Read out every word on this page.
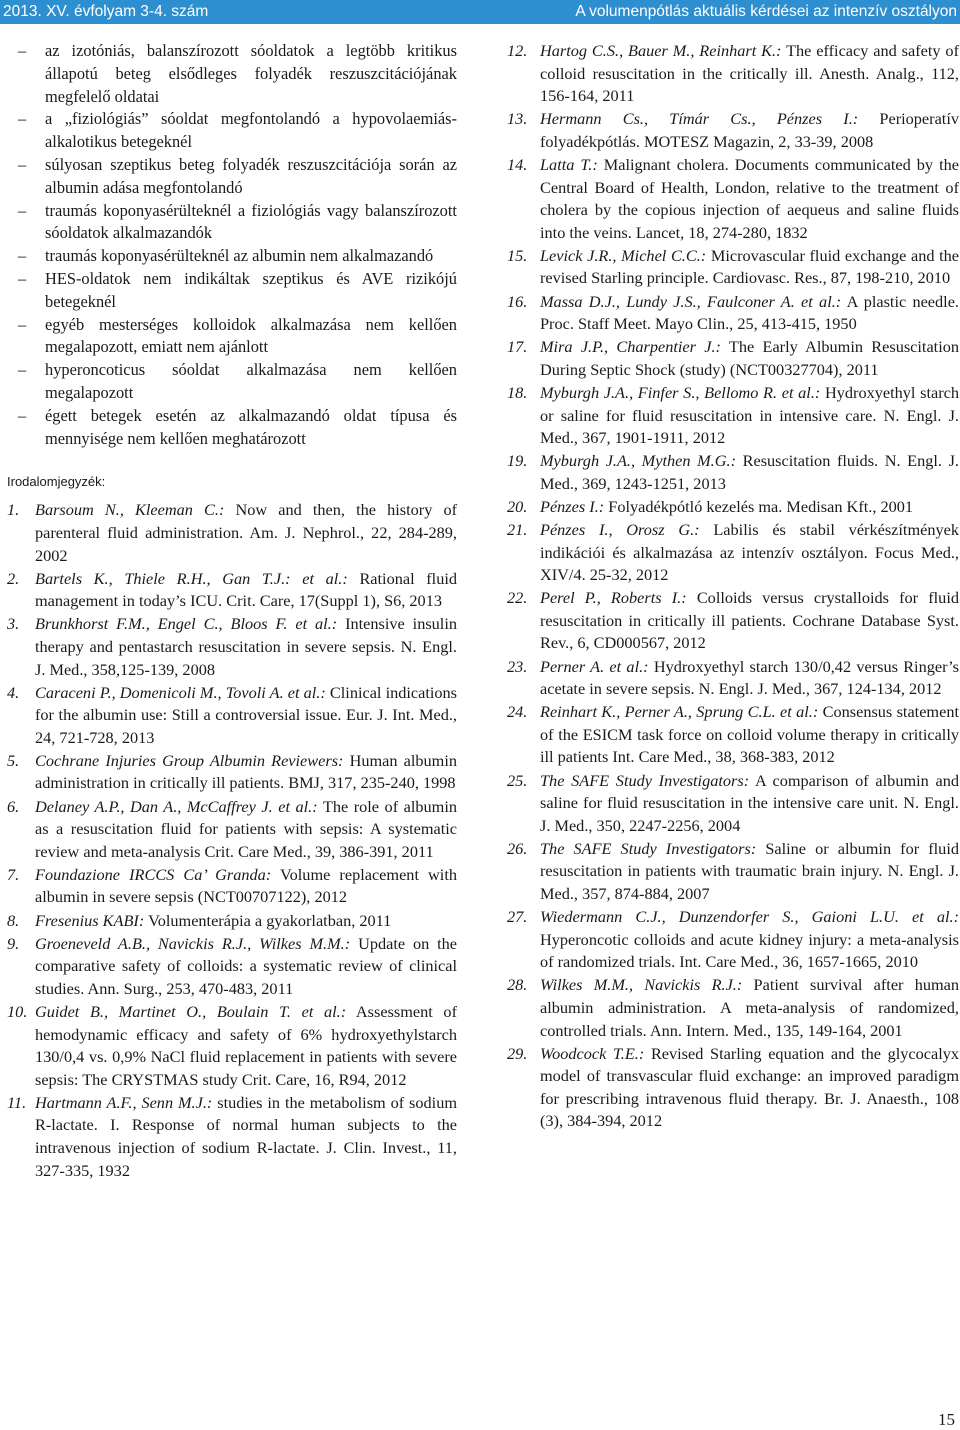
2013. XV. évfolyam 3-4. szám	A volumenpótlás aktuális kérdései az intenzív osztályon
– az izotóniás, balanszírozott sóoldatok a legtöbb kritikus állapotú beteg elsődleges folyadék reszuszcitációjának megfelelő oldatai
– a „fiziológiás” sóoldat megfontolandó a hypovolaemiás-alkalotikus betegeknél
– súlyosan szeptikus beteg folyadék reszuszcitációja során az albumin adása megfontolandó
– traumás koponyasérülteknél a fiziológiás vagy balanszírozott sóoldatok alkalmazandók
– traumás koponyasérülteknél az albumin nem alkalmazandó
– HES-oldatok nem indikáltak szeptikus és AVE rizikójú betegeknél
– egyéb mesterséges kolloidok alkalmazása nem kellően megalapozott, emiatt nem ajánlott
– hyperoncoticus sóoldat alkalmazása nem kellően megalapozott
– égett betegek esetén az alkalmazandó oldat típusa és mennyisége nem kellően meghatározott
Irodalomjegyzék:
1. Barsoum N., Kleeman C.: Now and then, the history of parenteral fluid administration. Am. J. Nephrol., 22, 284-289, 2002
2. Bartels K., Thiele R.H., Gan T.J.: et al.: Rational fluid management in today’s ICU. Crit. Care, 17(Suppl 1), S6, 2013
3. Brunkhorst F.M., Engel C., Bloos F. et al.: Intensive insulin therapy and pentastarch resuscitation in severe sepsis. N. Engl. J. Med., 358,125-139, 2008
4. Caraceni P., Domenicoli M., Tovoli A. et al.: Clinical indications for the albumin use: Still a controversial issue. Eur. J. Int. Med., 24, 721-728, 2013
5. Cochrane Injuries Group Albumin Reviewers: Human albumin administration in critically ill patients. BMJ, 317, 235-240, 1998
6. Delaney A.P., Dan A., McCaffrey J. et al.: The role of albumin as a resuscitation fluid for patients with sepsis: A systematic review and meta-analysis Crit. Care Med., 39, 386-391, 2011
7. Foundazione IRCCS Ca’ Granda: Volume replacement with albumin in severe sepsis (NCT00707122), 2012
8. Fresenius KABI: Volumenterápia a gyakorlatban, 2011
9. Groeneveld A.B., Navickis R.J., Wilkes M.M.: Update on the comparative safety of colloids: a systematic review of clinical studies. Ann. Surg., 253, 470-483, 2011
10. Guidet B., Martinet O., Boulain T. et al.: Assessment of hemodynamic efficacy and safety of 6% hydroxyethylstarch 130/0,4 vs. 0,9% NaCl fluid replacement in patients with severe sepsis: The CRYSTMAS study Crit. Care, 16, R94, 2012
11. Hartmann A.F., Senn M.J.: studies in the metabolism of sodium R-lactate. I. Response of normal human subjects to the intravenous injection of sodium R-lactate. J. Clin. Invest., 11, 327-335, 1932
12. Hartog C.S., Bauer M., Reinhart K.: The efficacy and safety of colloid resuscitation in the critically ill. Anesth. Analg., 112, 156-164, 2011
13. Hermann Cs., Tímár Cs., Pénzes I.: Perioperatív folyadékpótlás. MOTESZ Magazin, 2, 33-39, 2008
14. Latta T.: Malignant cholera. Documents communicated by the Central Board of Health, London, relative to the treatment of cholera by the copious injection of aequeus and saline fluids into the veins. Lancet, 18, 274-280, 1832
15. Levick J.R., Michel C.C.: Microvascular fluid exchange and the revised Starling principle. Cardiovasc. Res., 87, 198-210, 2010
16. Massa D.J., Lundy J.S., Faulconer A. et al.: A plastic needle. Proc. Staff Meet. Mayo Clin., 25, 413-415, 1950
17. Mira J.P., Charpentier J.: The Early Albumin Resuscitation During Septic Shock (study) (NCT00327704), 2011
18. Myburgh J.A., Finfer S., Bellomo R. et al.: Hydroxyethyl starch or saline for fluid resuscitation in intensive care. N. Engl. J. Med., 367, 1901-1911, 2012
19. Myburgh J.A., Mythen M.G.: Resuscitation fluids. N. Engl. J. Med., 369, 1243-1251, 2013
20. Pénzes I.: Folyadékpótló kezelés ma. Medisan Kft., 2001
21. Pénzes I., Orosz G.: Labilis és stabil vérkészítmények indikációi és alkalmazása az intenzív osztályon. Focus Med., XIV/4. 25-32, 2012
22. Perel P., Roberts I.: Colloids versus crystalloids for fluid resuscitation in critically ill patients. Cochrane Database Syst. Rev., 6, CD000567, 2012
23. Perner A. et al.: Hydroxyethyl starch 130/0,42 versus Ringer’s acetate in severe sepsis. N. Engl. J. Med., 367, 124-134, 2012
24. Reinhart K., Perner A., Sprung C.L. et al.: Consensus statement of the ESICM task force on colloid volume therapy in critically ill patients Int. Care Med., 38, 368-383, 2012
25. The SAFE Study Investigators: A comparison of albumin and saline for fluid resuscitation in the intensive care unit. N. Engl. J. Med., 350, 2247-2256, 2004
26. The SAFE Study Investigators: Saline or albumin for fluid resuscitation in patients with traumatic brain injury. N. Engl. J. Med., 357, 874-884, 2007
27. Wiedermann C.J., Dunzendorfer S., Gaioni L.U. et al.: Hyperoncotic colloids and acute kidney injury: a meta-analysis of randomized trials. Int. Care Med., 36, 1657-1665, 2010
28. Wilkes M.M., Navickis R.J.: Patient survival after human albumin administration. A meta-analysis of randomized, controlled trials. Ann. Intern. Med., 135, 149-164, 2001
29. Woodcock T.E.: Revised Starling equation and the glycocalyx model of transvascular fluid exchange: an improved paradigm for prescribing intravenous fluid therapy. Br. J. Anaesth., 108 (3), 384-394, 2012
15
